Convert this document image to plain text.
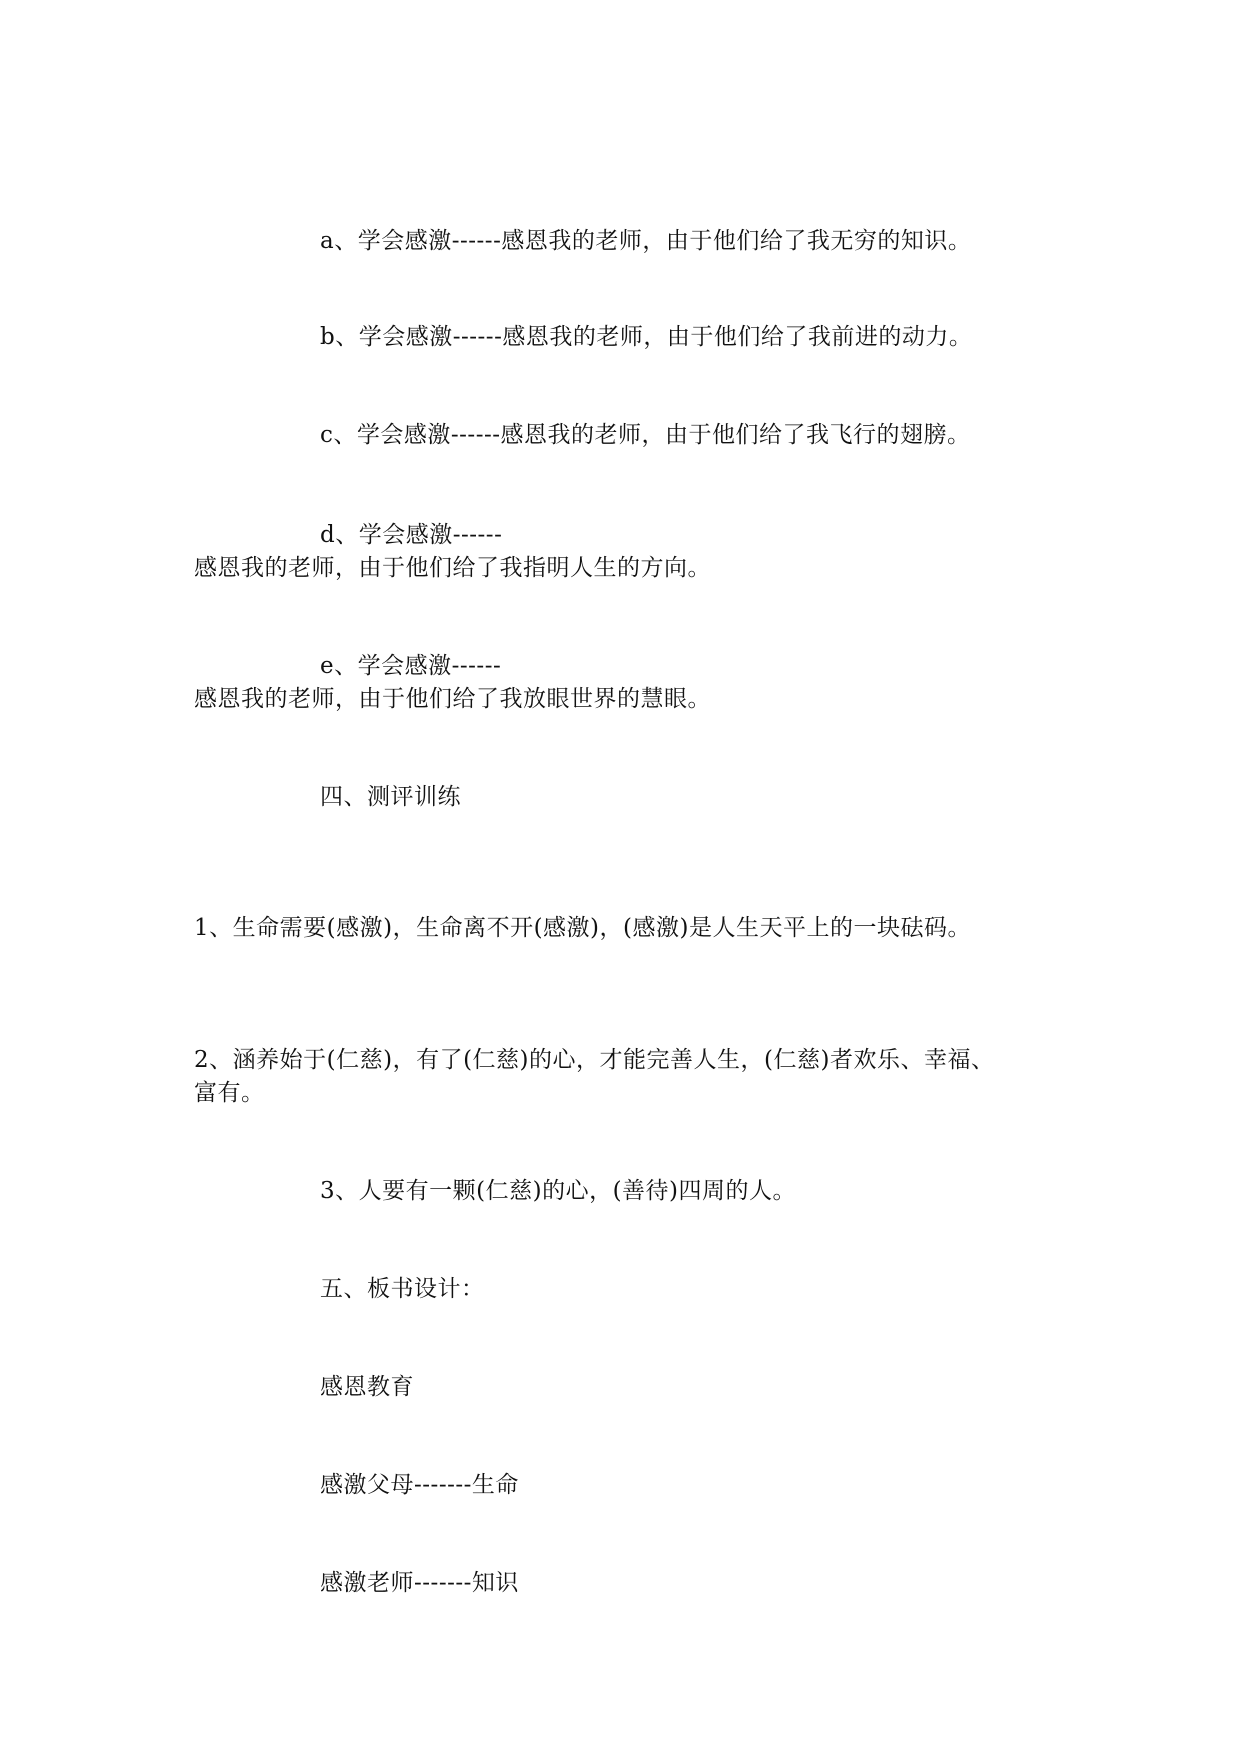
a、学会感激------感恩我的老师，由于他们给了我无穷的知识。
b、学会感激------感恩我的老师，由于他们给了我前进的动力。
c、学会感激------感恩我的老师，由于他们给了我飞行的翅膀。
d、学会感激------
感恩我的老师，由于他们给了我指明人生的方向。
e、学会感激------
感恩我的老师，由于他们给了我放眼世界的慧眼。
四、测评训练
1、生命需要(感激)，生命离不开(感激)，(感激)是人生天平上的一块砝码。
2、涵养始于(仁慈)，有了(仁慈)的心，才能完善人生，(仁慈)者欢乐、幸福、
富有。
3、人要有一颗(仁慈)的心，(善待)四周的人。
五、板书设计：
感恩教育
感激父母-------生命
感激老师-------知识
